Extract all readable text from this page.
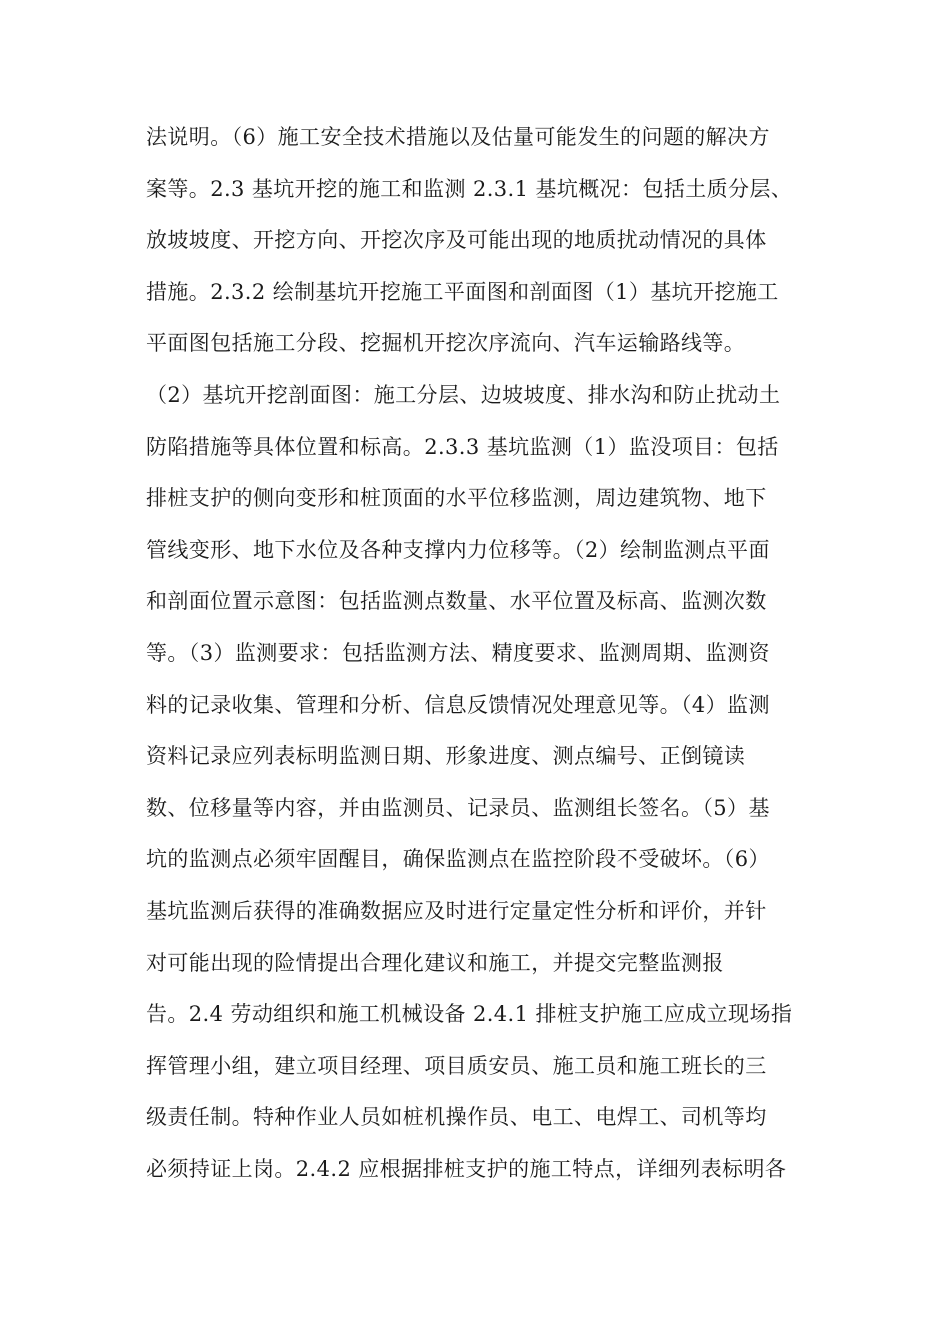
法说明。（6）施工安全技术措施以及估量可能发生的问题的解决方
案等。2.3 基坑开挖的施工和监测 2.3.1 基坑概况：包括土质分层、
放坡坡度、开挖方向、开挖次序及可能出现的地质扰动情况的具体
措施。2.3.2 绘制基坑开挖施工平面图和剖面图（1）基坑开挖施工
平面图包括施工分段、挖掘机开挖次序流向、汽车运输路线等。
（2）基坑开挖剖面图：施工分层、边坡坡度、排水沟和防止扰动土
防陷措施等具体位置和标高。2.3.3 基坑监测（1）监没项目：包括
排桩支护的侧向变形和桩顶面的水平位移监测，周边建筑物、地下
管线变形、地下水位及各种支撑内力位移等。（2）绘制监测点平面
和剖面位置示意图：包括监测点数量、水平位置及标高、监测次数
等。（3）监测要求：包括监测方法、精度要求、监测周期、监测资
料的记录收集、管理和分析、信息反馈情况处理意见等。（4）监测
资料记录应列表标明监测日期、形象进度、测点编号、正倒镜读
数、位移量等内容，并由监测员、记录员、监测组长签名。（5）基
坑的监测点必须牢固醒目，确保监测点在监控阶段不受破坏。（6）
基坑监测后获得的准确数据应及时进行定量定性分析和评价，并针
对可能出现的险情提出合理化建议和施工，并提交完整监测报
告。2.4 劳动组织和施工机械设备 2.4.1 排桩支护施工应成立现场指
挥管理小组，建立项目经理、项目质安员、施工员和施工班长的三
级责任制。特种作业人员如桩机操作员、电工、电焊工、司机等均
必须持证上岗。2.4.2 应根据排桩支护的施工特点，详细列表标明各
